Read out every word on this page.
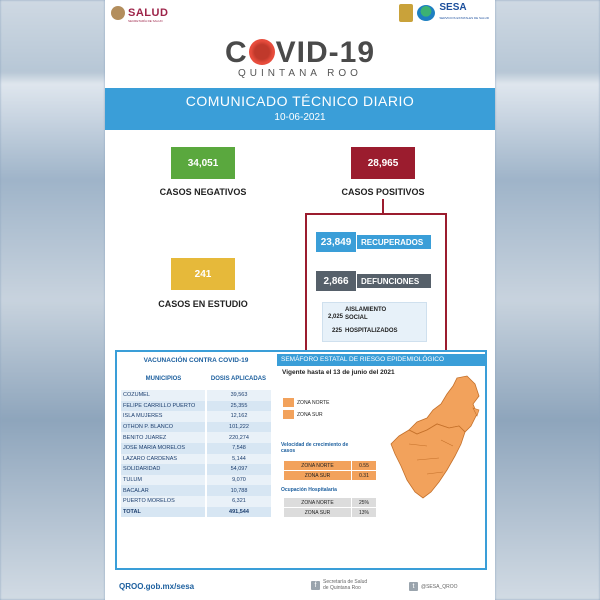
SALUD
SECRETARÍA DE SALUD
SESA
SERVICIOS ESTATALES DE SALUD
C VID-19
QUINTANA ROO
COMUNICADO TÉCNICO DIARIO
10-06-2021
34,051
CASOS NEGATIVOS
28,965
CASOS POSITIVOS
241
CASOS EN ESTUDIO
23,849	RECUPERADOS
2,866	DEFUNCIONES
AISLAMIENTO
2,025 SOCIAL
225 HOSPITALIZADOS
VACUNACIÓN CONTRA COVID-19
MUNICIPIOS	DOSIS APLICADAS
COZUMEL	39,563
FELIPE CARRILLO PUERTO	25,355
ISLA MUJERES	12,162
OTHON P. BLANCO	101,222
BENITO JUAREZ	220,274
JOSE MARIA MORELOS	7,548
LAZARO CARDENAS	5,144
SOLIDARIDAD	54,097
TULUM	9,070
BACALAR	10,788
PUERTO MORELOS	6,321
TOTAL	491,544
SEMÁFORO ESTATAL DE RIESGO EPIDEMIOLÓGICO
Vigente hasta el 13 de junio del 2021
ZONA NORTE
ZONA SUR
Velocidad de crecimiento de casos
ZONA NORTE	0.55
ZONA SUR	0.31
Ocupación Hospitalaria
ZONA NORTE	25%
ZONA SUR	13%
QROO.gob.mx/sesa	f	Secretaría de Salud
de Quintana Roo	t	@SESA_QROO
